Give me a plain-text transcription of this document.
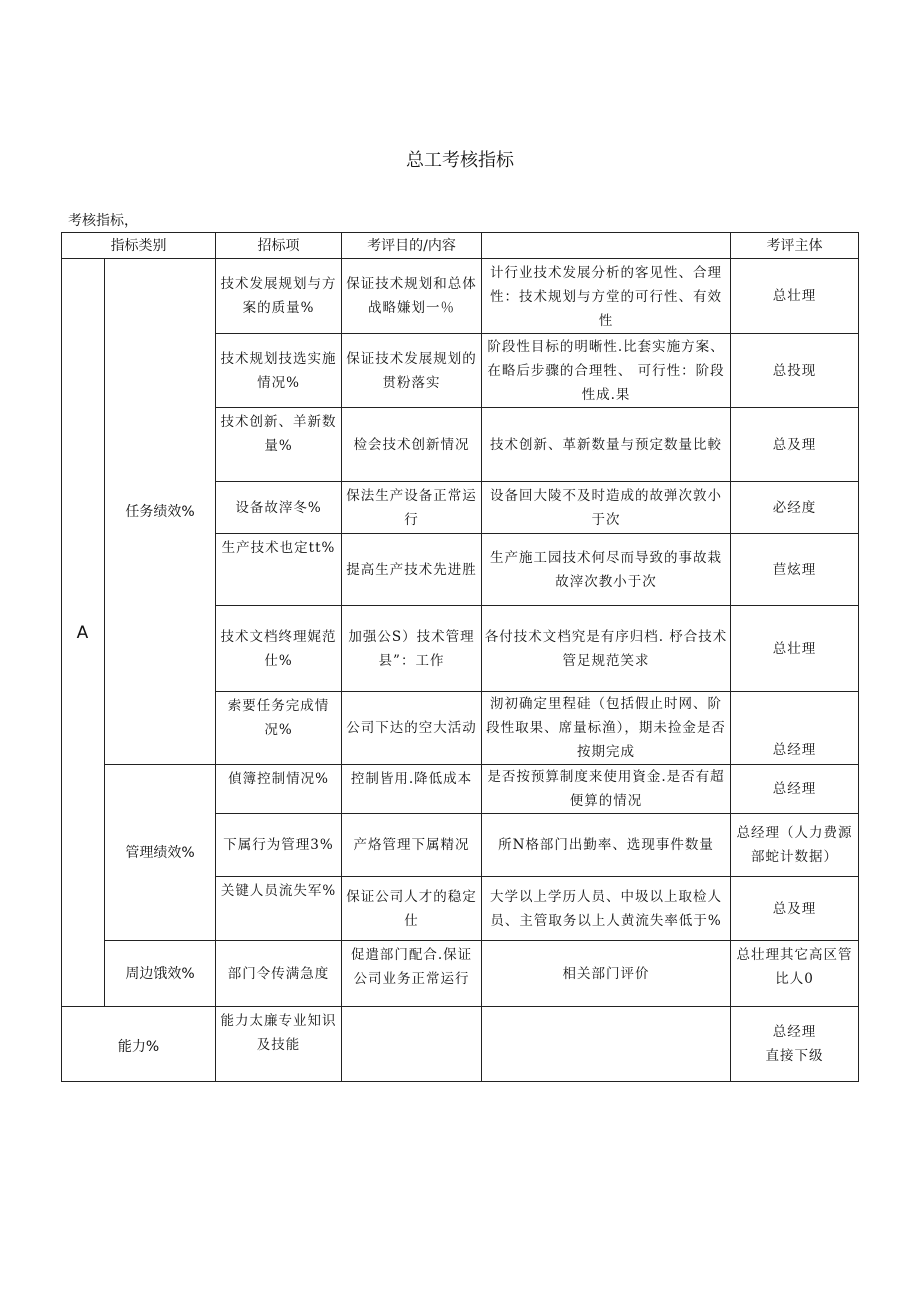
总工考核指标
考核指标，
指标类别		招标项	考评目的/内容		考评主体
A	任务绩效%	技术发展规划与方案的质量%	保证技术规划和总体战略嫌划一％	计行业技术发展分析的客见性、合理性：技术规划与方堂的可行性、有效性	总壮理
		技术规划技选实施情况%	保证技术发展规划的贯粉落实	阶段性目标的明晰性.比套实施方案、在略后步骤的合理牲、 可行性：阶段性成.果	总投现
		技术创新、羊新数量%	检会技术创新情况	技术创新、革新数量与预定数量比較	总及理
		设备故滓冬%	保法生产设备正常运行	设备回大陵不及时造成的故弹次敦小于次	必经度
		生产技术也定tt%	提高生产技术先进胜	生产施工园技术何尽而导致的事故栽故滓次教小于次	苣炫理
		技术文档终理娓范仕%	加强公S）技术管理县”：工作	各付技术文档究是有序归档. 杼合技术管足规范笑求	总壮理
		索要任务完成情况%	公司下达的空大活动	沏初确定里程硅（包括假止时网、阶段性取果、席量标渔），期未捡金是否按期完成	总经理
	管理绩效%	偵簿控制情况%	控制皆用.降低成本	是否按预算制度来使用資金.是否有超便算的情况	总经理
		下属行为管理3%	产烙管理下属精况	所N格部门出勤率、选现事件数量	总经理（人力费源部蛇计数据）
		关键人员流失军%	保证公司人才的稳定仕	大学以上学历人员、中圾以上取检人员、主管取务以上人黄流失率低于%	总及理
	周边饿效%	部门令传满急度	促遣部门配合.保证公司业务正常运行	相关部门评价	总壮理其它高区管比人0
能力%		能力太廉专业知识及技能			总经理
直接下级
